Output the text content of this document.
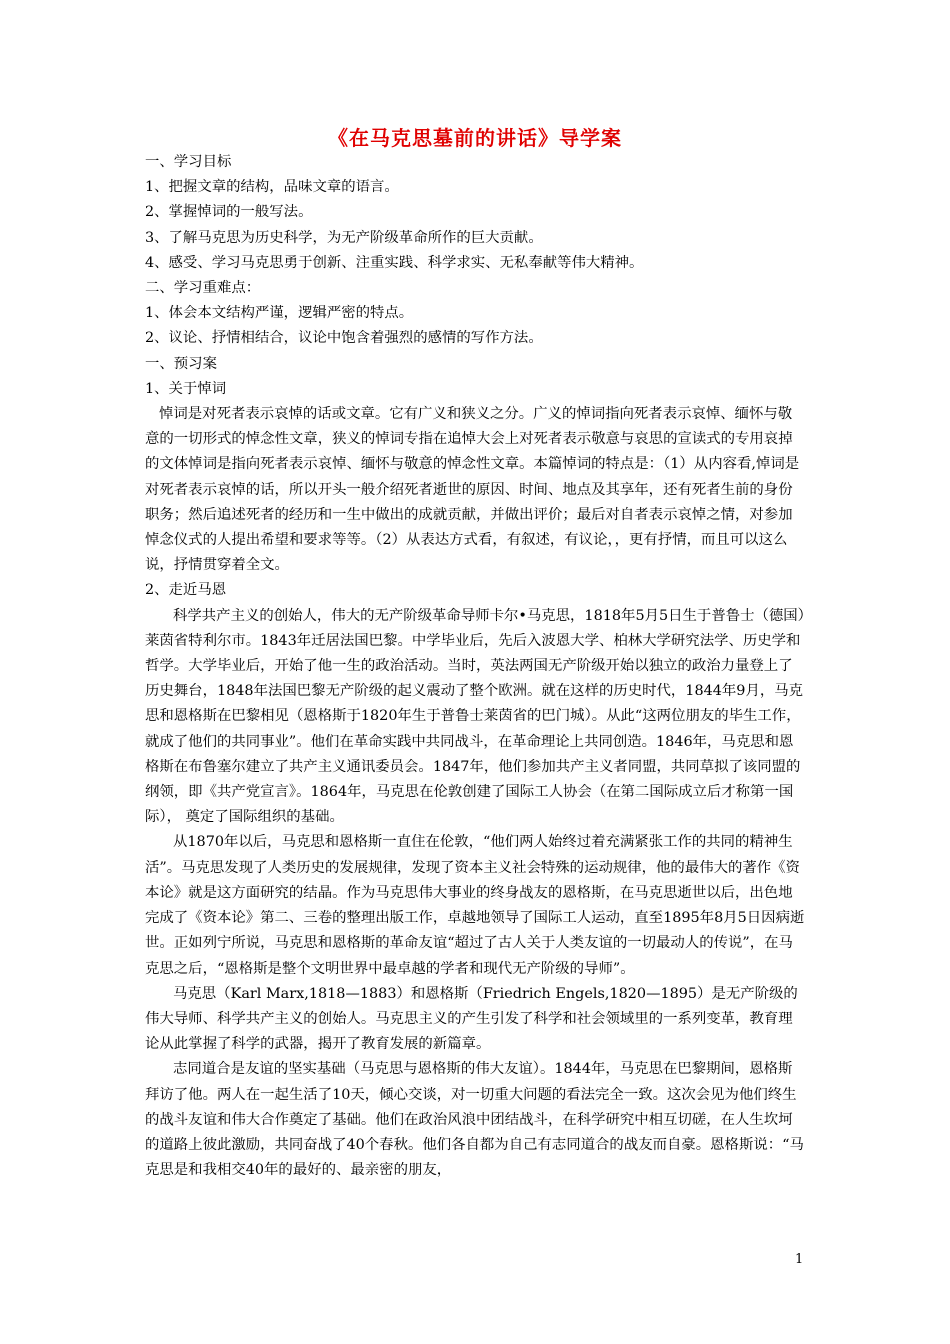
《在马克思墓前的讲话》导学案

一、学习目标

1、把握文章的结构，品味文章的语言。

2、掌握悼词的一般写法。

3、了解马克思为历史科学，为无产阶级革命所作的巨大贡献。

4、感受、学习马克思勇于创新、注重实践、科学求实、无私奉献等伟大精神。

二、学习重难点：

1、体会本文结构严谨，逻辑严密的特点。

2、议论、抒情相结合，议论中饱含着强烈的感情的写作方法。

一、预习案

1、关于悼词

悼词是对死者表示哀悼的话或文章。它有广义和狭义之分。广义的悼词指向死者表示哀悼、缅怀与敬意的一切形式的悼念性文章，狭义的悼词专指在追悼大会上对死者表示敬意与哀思的宣读式的专用哀掉的文体悼词是指向死者表示哀悼、缅怀与敬意的悼念性文章。本篇悼词的特点是：（1）从内容看,悼词是对死者表示哀悼的话，所以开头一般介绍死者逝世的原因、时间、地点及其享年，还有死者生前的身份职务；然后追述死者的经历和一生中做出的成就贡献，并做出评价；最后对自者表示哀悼之情，对参加悼念仪式的人提出希望和要求等等。（2）从表达方式看，有叙述，有议论，，更有抒情，而且可以这么说，抒情贯穿着全文。

2、走近马恩

科学共产主义的创始人，伟大的无产阶级革命导师卡尔•马克思，1818年5月5日生于普鲁士（德国）莱茵省特利尔市。1843年迁居法国巴黎。中学毕业后，先后入波恩大学、柏林大学研究法学、历史学和哲学。大学毕业后，开始了他一生的政治活动。当时，英法两国无产阶级开始以独立的政治力量登上了历史舞台，1848年法国巴黎无产阶级的起义震动了整个欧洲。就在这样的历史时代，1844年9月，马克思和恩格斯在巴黎相见（恩格斯于1820年生于普鲁士莱茵省的巴门城）。从此“这两位朋友的毕生工作，就成了他们的共同事业”。他们在革命实践中共同战斗，在革命理论上共同创造。1846年，马克思和恩格斯在布鲁塞尔建立了共产主义通讯委员会。1847年，他们参加共产主义者同盟，共同草拟了该同盟的纲领，即《共产党宣言》。1864年，马克思在伦敦创建了国际工人协会（在第二国际成立后才称第一国际）， 奠定了国际组织的基础。

从1870年以后，马克思和恩格斯一直住在伦敦，“他们两人始终过着充满紧张工作的共同的精神生活”。马克思发现了人类历史的发展规律，发现了资本主义社会特殊的运动规律，他的最伟大的著作《资本论》就是这方面研究的结晶。作为马克思伟大事业的终身战友的恩格斯，在马克思逝世以后，出色地完成了《资本论》第二、三卷的整理出版工作，卓越地领导了国际工人运动，直至1895年8月5日因病逝世。正如列宁所说，马克思和恩格斯的革命友谊“超过了古人关于人类友谊的一切最动人的传说”，在马克思之后，“恩格斯是整个文明世界中最卓越的学者和现代无产阶级的导师”。

马克思（Karl Marx,1818—1883）和恩格斯（Friedrich Engels,1820—1895）是无产阶级的伟大导师、科学共产主义的创始人。马克思主义的产生引发了科学和社会领域里的一系列变革，教育理论从此掌握了科学的武器，揭开了教育发展的新篇章。

志同道合是友谊的坚实基础（马克思与恩格斯的伟大友谊）。1844年，马克思在巴黎期间，恩格斯拜访了他。两人在一起生活了10天，倾心交谈，对一切重大问题的看法完全一致。这次会见为他们终生的战斗友谊和伟大合作奠定了基础。他们在政治风浪中团结战斗，在科学研究中相互切磋，在人生坎坷的道路上彼此激励，共同奋战了40个春秋。他们各自都为自己有志同道合的战友而自豪。恩格斯说：“马克思是和我相交40年的最好的、最亲密的朋友，

1
